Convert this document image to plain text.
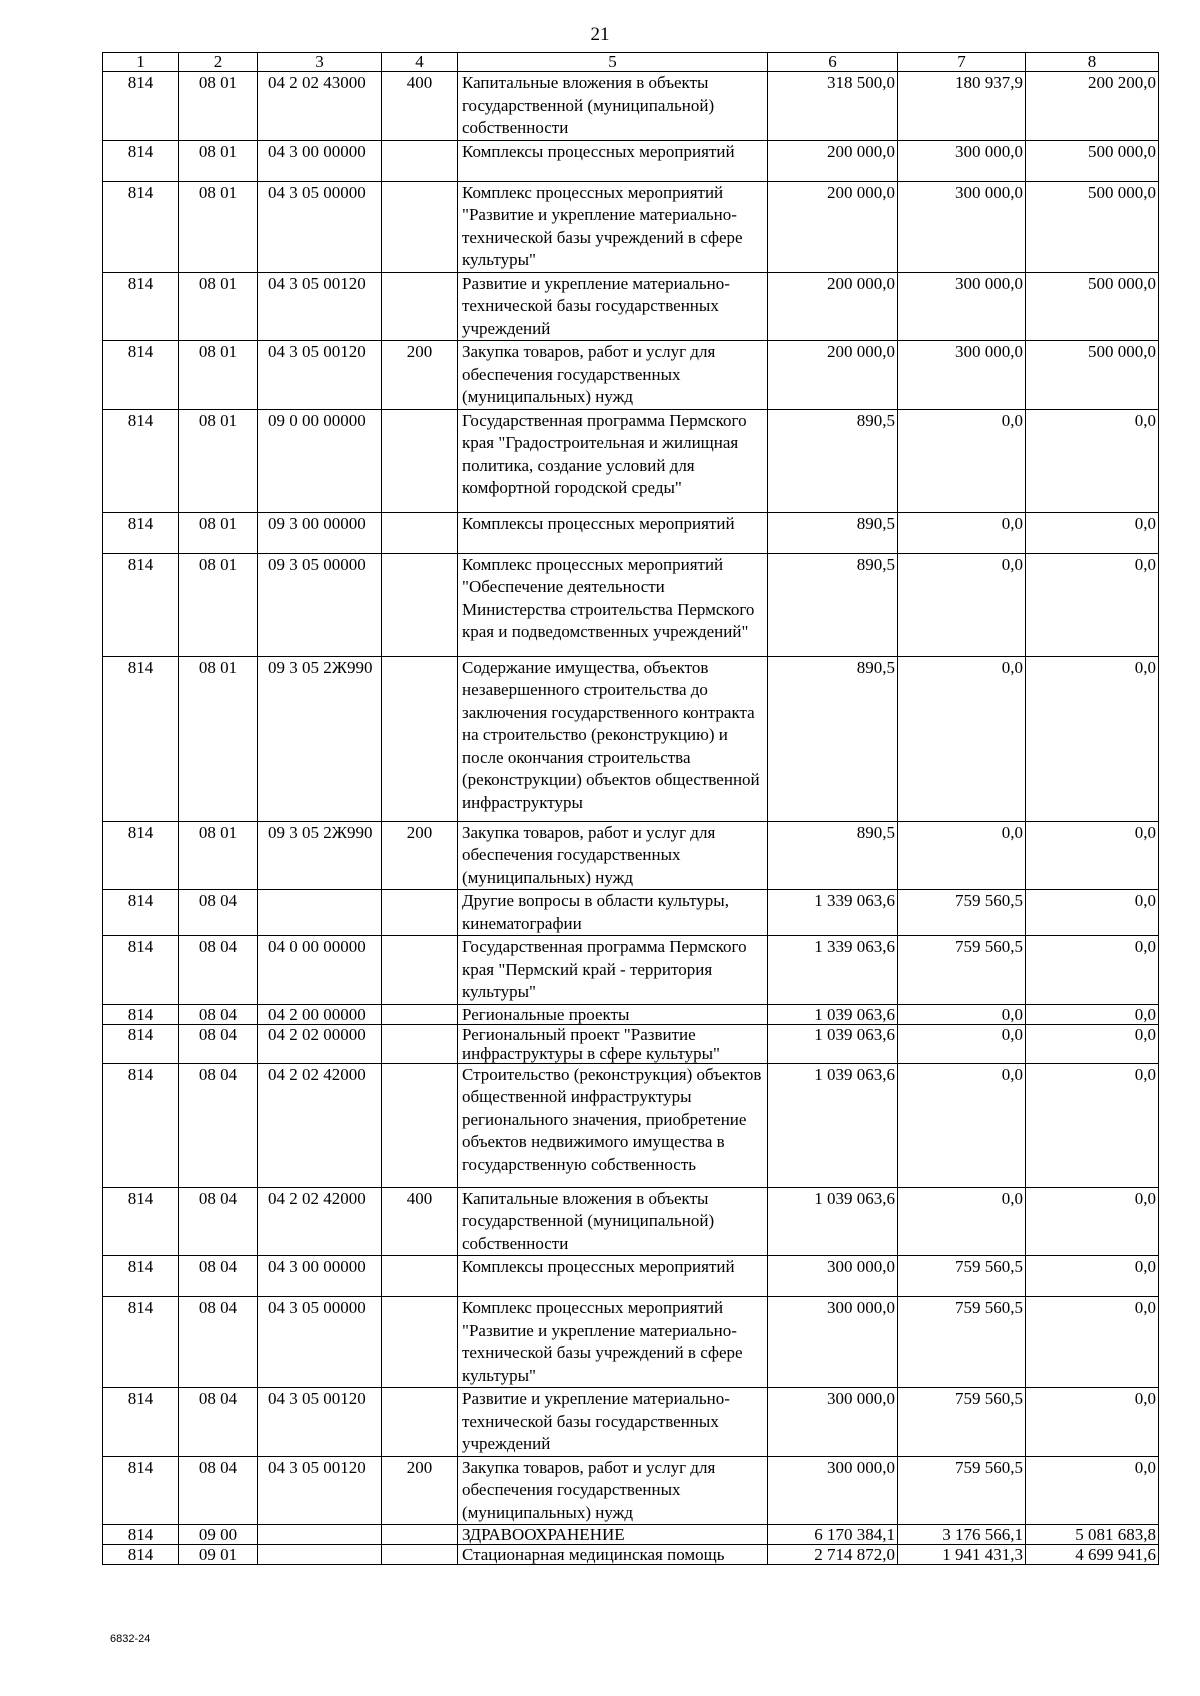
21
1	2	3	4	5	6	7	8
814	08 01	04 2 02 43000	400	Капитальные вложения в объекты государственной (муниципальной) собственности	318 500,0	180 937,9	200 200,0
814	08 01	04 3 00 00000		Комплексы процессных мероприятий	200 000,0	300 000,0	500 000,0
814	08 01	04 3 05 00000		Комплекс процессных мероприятий "Развитие и укрепление материально-технической базы учреждений в сфере культуры"	200 000,0	300 000,0	500 000,0
814	08 01	04 3 05 00120		Развитие и укрепление материально-технической базы государственных учреждений	200 000,0	300 000,0	500 000,0
814	08 01	04 3 05 00120	200	Закупка товаров, работ и услуг для обеспечения государственных (муниципальных) нужд	200 000,0	300 000,0	500 000,0
814	08 01	09 0 00 00000		Государственная программа Пермского края "Градостроительная и жилищная политика, создание условий для комфортной городской среды"	890,5	0,0	0,0
814	08 01	09 3 00 00000		Комплексы процессных мероприятий	890,5	0,0	0,0
814	08 01	09 3 05 00000		Комплекс процессных мероприятий "Обеспечение деятельности Министерства строительства Пермского края и подведомственных учреждений"	890,5	0,0	0,0
814	08 01	09 3 05 2Ж990		Содержание имущества, объектов незавершенного строительства до заключения государственного контракта на строительство (реконструкцию) и после окончания строительства (реконструкции) объектов общественной инфраструктуры	890,5	0,0	0,0
814	08 01	09 3 05 2Ж990	200	Закупка товаров, работ и услуг для обеспечения государственных (муниципальных) нужд	890,5	0,0	0,0
814	08 04			Другие вопросы в области культуры, кинематографии	1 339 063,6	759 560,5	0,0
814	08 04	04 0 00 00000		Государственная программа Пермского края "Пермский край - территория культуры"	1 339 063,6	759 560,5	0,0
814	08 04	04 2 00 00000		Региональные проекты	1 039 063,6	0,0	0,0
814	08 04	04 2 02 00000		Региональный проект "Развитие инфраструктуры в сфере культуры"	1 039 063,6	0,0	0,0
814	08 04	04 2 02 42000		Строительство (реконструкция) объектов общественной инфраструктуры регионального значения, приобретение объектов недвижимого имущества в государственную собственность	1 039 063,6	0,0	0,0
814	08 04	04 2 02 42000	400	Капитальные вложения в объекты государственной (муниципальной) собственности	1 039 063,6	0,0	0,0
814	08 04	04 3 00 00000		Комплексы процессных мероприятий	300 000,0	759 560,5	0,0
814	08 04	04 3 05 00000		Комплекс процессных мероприятий "Развитие и укрепление материально-технической базы учреждений в сфере культуры"	300 000,0	759 560,5	0,0
814	08 04	04 3 05 00120		Развитие и укрепление материально-технической базы государственных учреждений	300 000,0	759 560,5	0,0
814	08 04	04 3 05 00120	200	Закупка товаров, работ и услуг для обеспечения государственных (муниципальных) нужд	300 000,0	759 560,5	0,0
814	09 00			ЗДРАВООХРАНЕНИЕ	6 170 384,1	3 176 566,1	5 081 683,8
814	09 01			Стационарная медицинская помощь	2 714 872,0	1 941 431,3	4 699 941,6
6832-24
